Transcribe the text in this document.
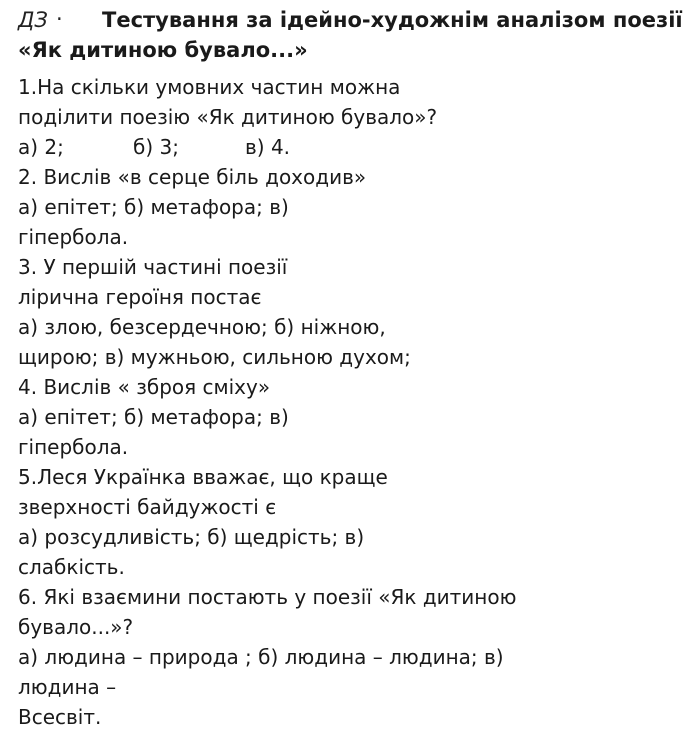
ДЗ · Тестування за ідейно-художнім аналізом поезії
«Як дитиною бувало...»
1.На скільки умовних частин можна
поділити поезію «Як дитиною бувало»?
а) 2;	б) 3;	в) 4.
2. Вислів «в серце біль доходив»
а) епітет; б) метафора; в)
гіпербола.
3. У першій частині поезії
лірична героїня постає
а) злою, безсердечною; б) ніжною,
щирою; в) мужньою, сильною духом;
4. Вислів « зброя сміху»
а) епітет; б) метафора; в)
гіпербола.
5.Леся Українка вважає, що краще
зверхності байдужості є
а) розсудливість; б) щедрість; в)
слабкість.
6. Які взаємини постають у поезії «Як дитиною
бувало...»?
а) людина – природа ; б) людина – людина; в)
людина –
Всесвіт.
